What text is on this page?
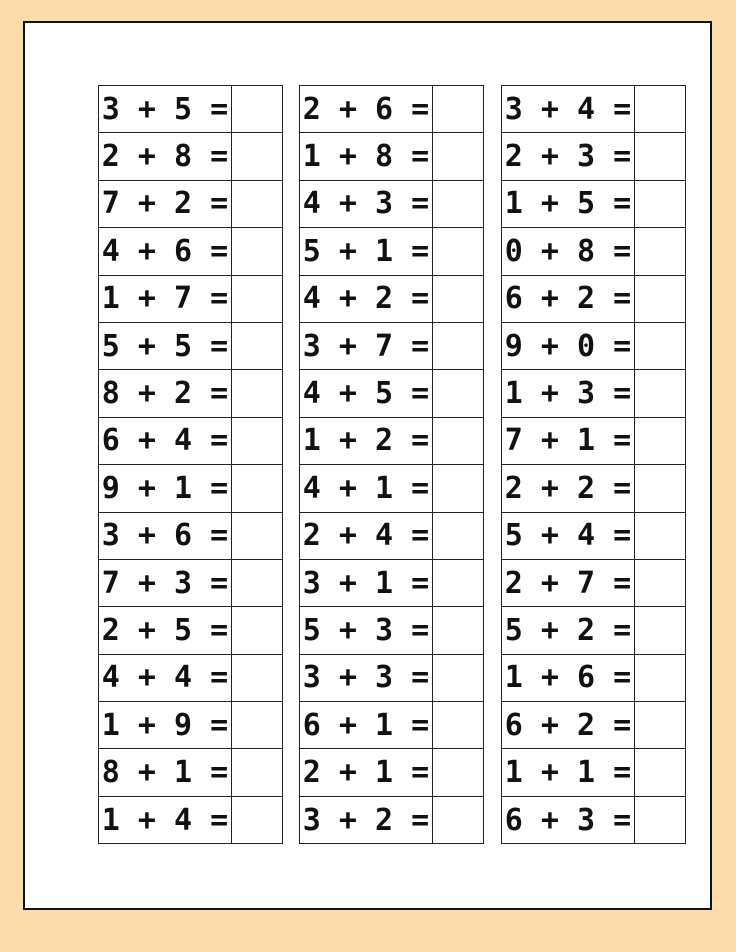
3 + 5 =	
2 + 8 =	
7 + 2 =	
4 + 6 =	
1 + 7 =	
5 + 5 =	
8 + 2 =	
6 + 4 =	
9 + 1 =	
3 + 6 =	
7 + 3 =	
2 + 5 =	
4 + 4 =	
1 + 9 =	
8 + 1 =	
1 + 4 =	
2 + 6 =	
1 + 8 =	
4 + 3 =	
5 + 1 =	
4 + 2 =	
3 + 7 =	
4 + 5 =	
1 + 2 =	
4 + 1 =	
2 + 4 =	
3 + 1 =	
5 + 3 =	
3 + 3 =	
6 + 1 =	
2 + 1 =	
3 + 2 =	
3 + 4 =	
2 + 3 =	
1 + 5 =	
0 + 8 =	
6 + 2 =	
9 + 0 =	
1 + 3 =	
7 + 1 =	
2 + 2 =	
5 + 4 =	
2 + 7 =	
5 + 2 =	
1 + 6 =	
6 + 2 =	
1 + 1 =	
6 + 3 =	
